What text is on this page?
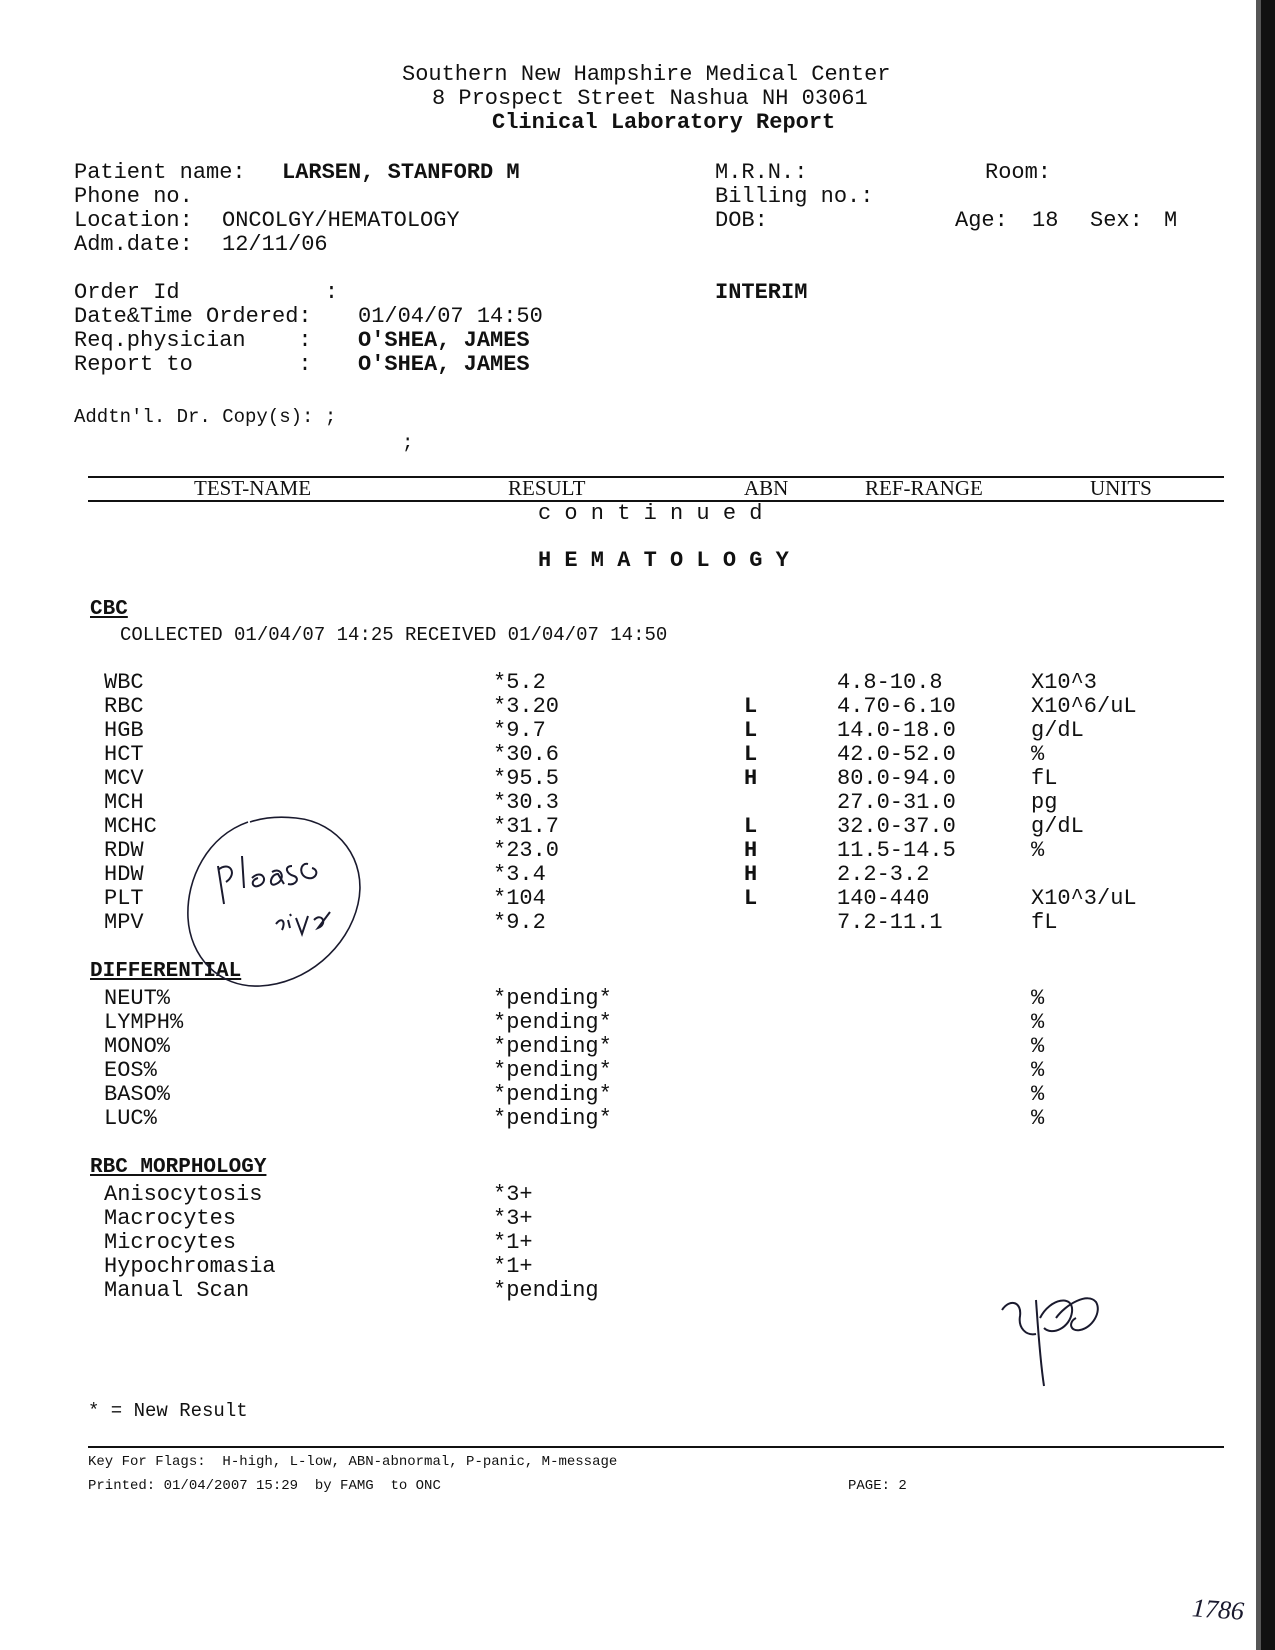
Southern New Hampshire Medical Center
8 Prospect Street Nashua NH 03061
Clinical Laboratory Report
Patient name: LARSEN, STANFORD M
Phone no.
Location: ONCOLGY/HEMATOLOGY
Adm.date: 12/11/06
M.R.N.:	Room:
Billing no.:
DOB:	Age: 18 Sex: M
Order Id           :
Date&Time Ordered: 01/04/07 14:50
Req.physician    : O'SHEA, JAMES
Report to        : O'SHEA, JAMES
INTERIM
Addtn'l. Dr. Copy(s): ;
;
TEST-NAME	RESULT	ABN	REF-RANGE	UNITS
c o n t i n u e d
H E M A T O L O G Y
CBC
COLLECTED 01/04/07 14:25 RECEIVED 01/04/07 14:50
WBC	*5.2	4.8-10.8	X10^3
RBC	*3.20	L	4.70-6.10	X10^6/uL
HGB	*9.7	L	14.0-18.0	g/dL
HCT	*30.6	L	42.0-52.0	%
MCV	*95.5	H	80.0-94.0	fL
MCH	*30.3	27.0-31.0	pg
MCHC	*31.7	L	32.0-37.0	g/dL
RDW	*23.0	H	11.5-14.5	%
HDW	*3.4	H	2.2-3.2
PLT	*104	L	140-440	X10^3/uL
MPV	*9.2	7.2-11.1	fL
DIFFERENTIAL
NEUT%	*pending*	%
LYMPH%	*pending*	%
MONO%	*pending*	%
EOS%	*pending*	%
BASO%	*pending*	%
LUC%	*pending*	%
RBC MORPHOLOGY
Anisocytosis	*3+
Macrocytes	*3+
Microcytes	*1+
Hypochromasia	*1+
Manual Scan	*pending
1786
* = New Result
Key For Flags:  H-high, L-low, ABN-abnormal, P-panic, M-message
Printed: 01/04/2007 15:29  by FAMG  to ONC	PAGE: 2
